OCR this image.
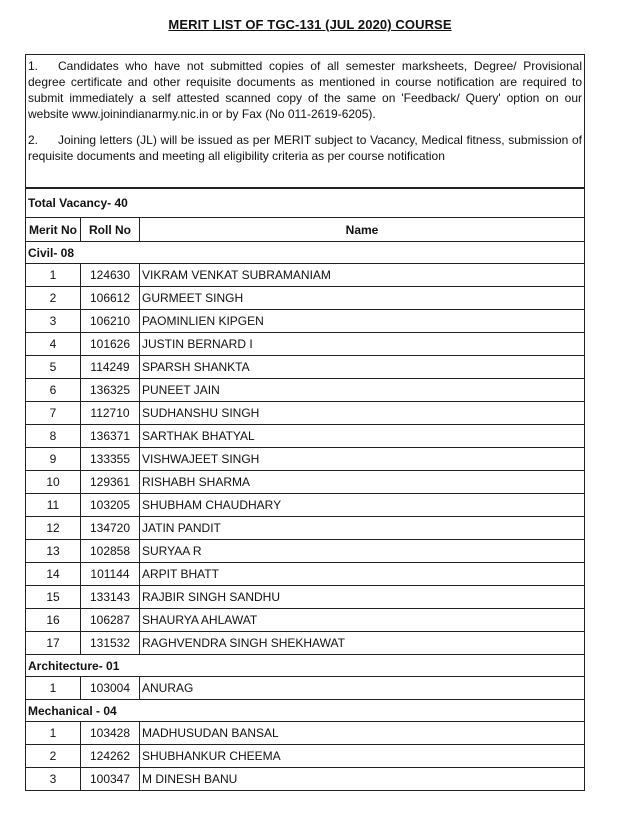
MERIT LIST OF TGC-131 (JUL 2020) COURSE

1. Candidates who have not submitted copies of all semester marksheets, Degree/ Provisional degree certificate and other requisite documents as mentioned in course notification are required to submit immediately a self attested scanned copy of the same on 'Feedback/ Query' option on our website www.joinindianarmy.nic.in or by Fax (No 011-2619-6205).

2. Joining letters (JL) will be issued as per MERIT subject to Vacancy, Medical fitness, submission of requisite documents and meeting all eligibility criteria as per course notification

Total Vacancy- 40		
Merit No	Roll No	Name
Civil- 08		
1	124630	VIKRAM VENKAT SUBRAMANIAM
2	106612	GURMEET SINGH
3	106210	PAOMINLIEN KIPGEN
4	101626	JUSTIN BERNARD I
5	114249	SPARSH SHANKTA
6	136325	PUNEET JAIN
7	112710	SUDHANSHU SINGH
8	136371	SARTHAK BHATYAL
9	133355	VISHWAJEET SINGH
10	129361	RISHABH SHARMA
11	103205	SHUBHAM CHAUDHARY
12	134720	JATIN PANDIT
13	102858	SURYAA R
14	101144	ARPIT BHATT
15	133143	RAJBIR SINGH SANDHU
16	106287	SHAURYA AHLAWAT
17	131532	RAGHVENDRA SINGH SHEKHAWAT
Architecture- 01		
1	103004	ANURAG
Mechanical - 04		
1	103428	MADHUSUDAN BANSAL
2	124262	SHUBHANKUR CHEEMA
3	100347	M DINESH BANU
